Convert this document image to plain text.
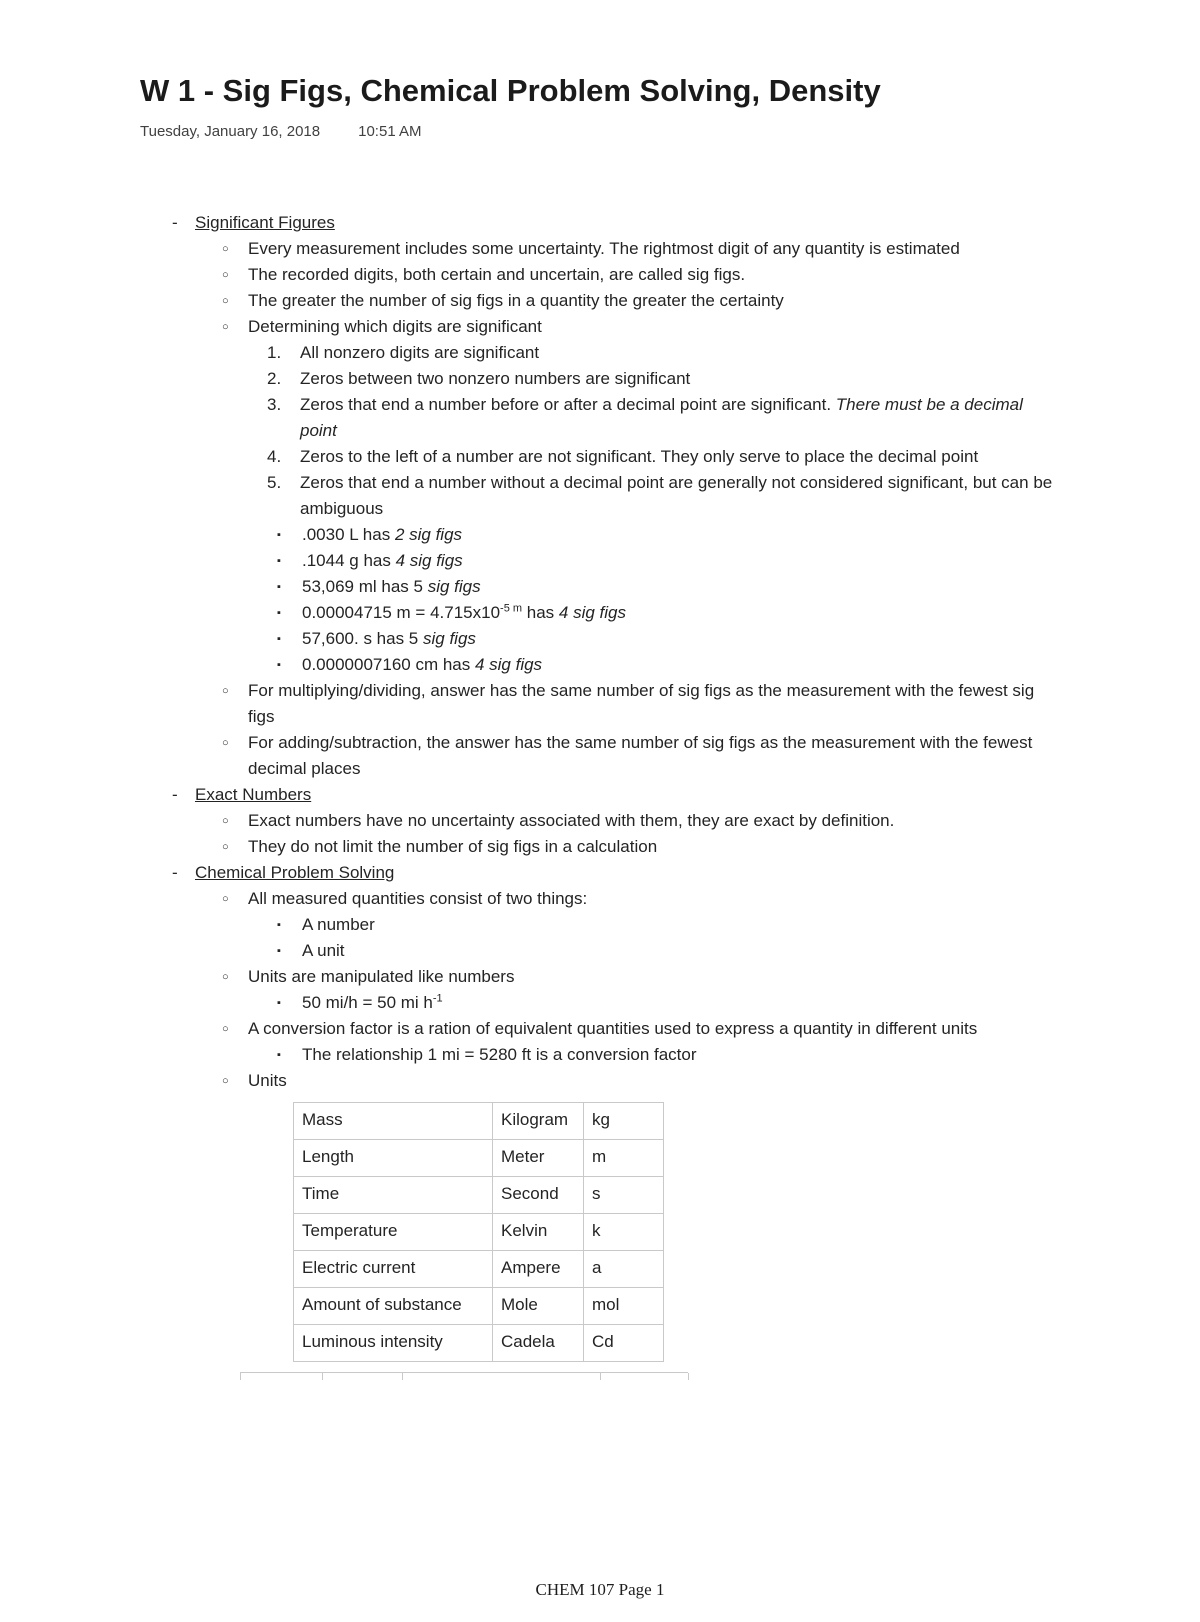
W 1 - Sig Figs, Chemical Problem Solving, Density
Tuesday, January 16, 2018	10:51 AM
-	Significant Figures
○	Every measurement includes some uncertainty. The rightmost digit of any quantity is estimated
○	The recorded digits, both certain and uncertain, are called sig figs.
○	The greater the number of sig figs in a quantity the greater the certainty
○	Determining which digits are significant
1.	All nonzero digits are significant
2.	Zeros between two nonzero numbers are significant
3.	Zeros that end a number before or after a decimal point are significant. There must be a decimal point
4.	Zeros to the left of a number are not significant. They only serve to place the decimal point
5.	Zeros that end a number without a decimal point are generally not considered significant, but can be ambiguous
▪	.0030 L has 2 sig figs
▪	.1044 g has 4 sig figs
▪	53,069 ml has 5 sig figs
▪	0.00004715 $m = 4.715x10^{-5 m}$ has 4 sig figs
▪	57,600. s has 5 sig figs
▪	0.0000007160 cm has 4 sig figs
○	For multiplying/dividing, answer has the same number of sig figs as the measurement with the fewest sig figs
○	For adding/subtraction, the answer has the same number of sig figs as the measurement with the fewest decimal places
-	Exact Numbers
○	Exact numbers have no uncertainty associated with them, they are exact by definition.
○	They do not limit the number of sig figs in a calculation
-	Chemical Problem Solving
○	All measured quantities consist of two things:
▪	A number
▪	A unit
○	Units are manipulated like numbers
▪	50 mi/h = 50 mi $h^{-1}$
○	A conversion factor is a ration of equivalent quantities used to express a quantity in different units
▪	The relationship 1 mi = 5280 ft is a conversion factor
○	Units
Mass	Kilogram	kg
Length	Meter	m
Time	Second	s
Temperature	Kelvin	k
Electric current	Ampere	a
Amount of substance	Mole	mol
Luminous intensity	Cadela	Cd
CHEM 107 Page 1
